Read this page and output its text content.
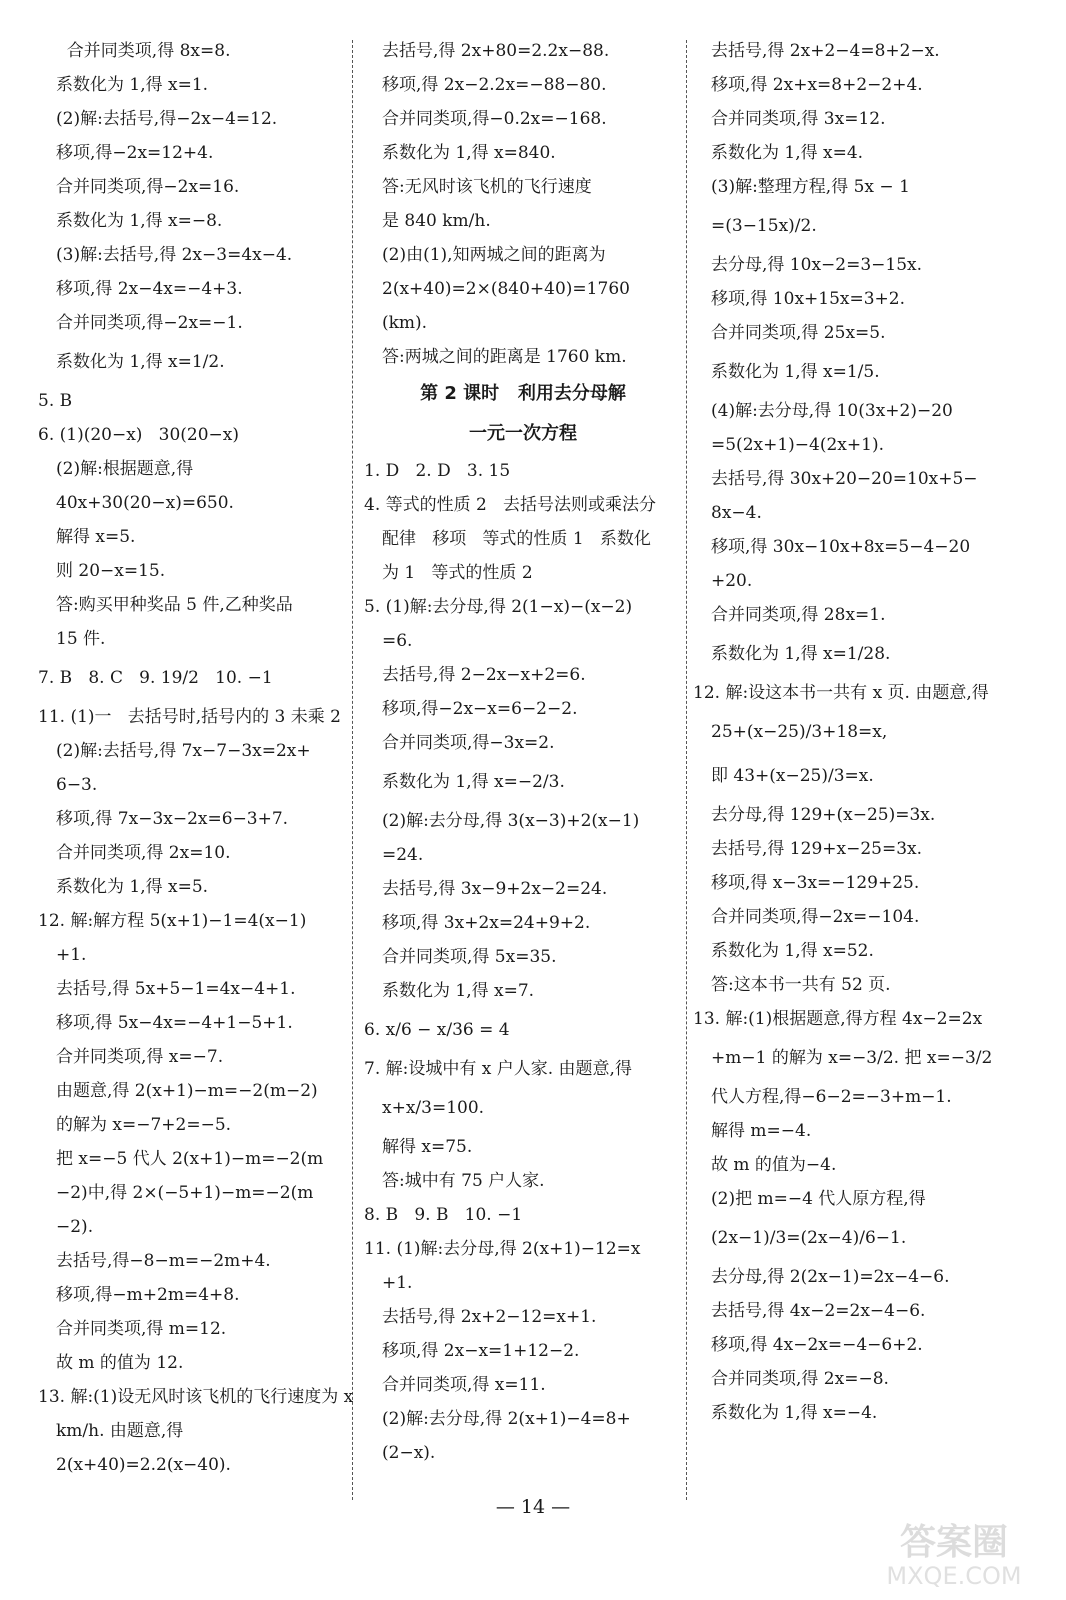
合并同类项,得 8x=8.
系数化为 1,得 x=1.
(2)解:去括号,得−2x−4=12.
移项,得−2x=12+4.
合并同类项,得−2x=16.
系数化为 1,得 x=−8.
(3)解:去括号,得 2x−3=4x−4.
移项,得 2x−4x=−4+3.
合并同类项,得−2x=−1.
系数化为 1,得 x=1/2.
5. B
6. (1)(20−x)   30(20−x)
(2)解:根据题意,得
40x+30(20−x)=650.
解得 x=5.
则 20−x=15.
答:购买甲种奖品 5 件,乙种奖品
15 件.
7. B   8. C   9. 19/2   10. −1
11. (1)一   去括号时,括号内的 3 未乘 2
(2)解:去括号,得 7x−7−3x=2x+
6−3.
移项,得 7x−3x−2x=6−3+7.
合并同类项,得 2x=10.
系数化为 1,得 x=5.
12. 解:解方程 5(x+1)−1=4(x−1)
+1.
去括号,得 5x+5−1=4x−4+1.
移项,得 5x−4x=−4+1−5+1.
合并同类项,得 x=−7.
由题意,得 2(x+1)−m=−2(m−2)
的解为 x=−7+2=−5.
把 x=−5 代人 2(x+1)−m=−2(m
−2)中,得 2×(−5+1)−m=−2(m
−2).
去括号,得−8−m=−2m+4.
移项,得−m+2m=4+8.
合并同类项,得 m=12.
故 m 的值为 12.
13. 解:(1)设无风时该飞机的飞行速度为 x
km/h. 由题意,得
2(x+40)=2.2(x−40).
去括号,得 2x+80=2.2x−88.
移项,得 2x−2.2x=−88−80.
合并同类项,得−0.2x=−168.
系数化为 1,得 x=840.
答:无风时该飞机的飞行速度
是 840 km/h.
(2)由(1),知两城之间的距离为
2(x+40)=2×(840+40)=1760
(km).
答:两城之间的距离是 1760 km.
第 2 课时   利用去分母解
一元一次方程
1. D   2. D   3. 15
4. 等式的性质 2   去括号法则或乘法分
配律   移项   等式的性质 1   系数化
为 1   等式的性质 2
5. (1)解:去分母,得 2(1−x)−(x−2)
=6.
去括号,得 2−2x−x+2=6.
移项,得−2x−x=6−2−2.
合并同类项,得−3x=2.
系数化为 1,得 x=−2/3.
(2)解:去分母,得 3(x−3)+2(x−1)
=24.
去括号,得 3x−9+2x−2=24.
移项,得 3x+2x=24+9+2.
合并同类项,得 5x=35.
系数化为 1,得 x=7.
6. x/6 − x/36 = 4
7. 解:设城中有 x 户人家. 由题意,得
x+x/3=100.
解得 x=75.
答:城中有 75 户人家.
8. B   9. B   10. −1
11. (1)解:去分母,得 2(x+1)−12=x
+1.
去括号,得 2x+2−12=x+1.
移项,得 2x−x=1+12−2.
合并同类项,得 x=11.
(2)解:去分母,得 2(x+1)−4=8+
(2−x).
去括号,得 2x+2−4=8+2−x.
移项,得 2x+x=8+2−2+4.
合并同类项,得 3x=12.
系数化为 1,得 x=4.
(3)解:整理方程,得 5x − 1
=(3−15x)/2.
去分母,得 10x−2=3−15x.
移项,得 10x+15x=3+2.
合并同类项,得 25x=5.
系数化为 1,得 x=1/5.
(4)解:去分母,得 10(3x+2)−20
=5(2x+1)−4(2x+1).
去括号,得 30x+20−20=10x+5−
8x−4.
移项,得 30x−10x+8x=5−4−20
+20.
合并同类项,得 28x=1.
系数化为 1,得 x=1/28.
12. 解:设这本书一共有 x 页. 由题意,得
25+(x−25)/3+18=x,
即 43+(x−25)/3=x.
去分母,得 129+(x−25)=3x.
去括号,得 129+x−25=3x.
移项,得 x−3x=−129+25.
合并同类项,得−2x=−104.
系数化为 1,得 x=52.
答:这本书一共有 52 页.
13. 解:(1)根据题意,得方程 4x−2=2x
+m−1 的解为 x=−3/2. 把 x=−3/2
代人方程,得−6−2=−3+m−1.
解得 m=−4.
故 m 的值为−4.
(2)把 m=−4 代人原方程,得
(2x−1)/3=(2x−4)/6−1.
去分母,得 2(2x−1)=2x−4−6.
去括号,得 4x−2=2x−4−6.
移项,得 4x−2x=−4−6+2.
合并同类项,得 2x=−8.
系数化为 1,得 x=−4.
— 14 —
答案圈
MXQE.COM
